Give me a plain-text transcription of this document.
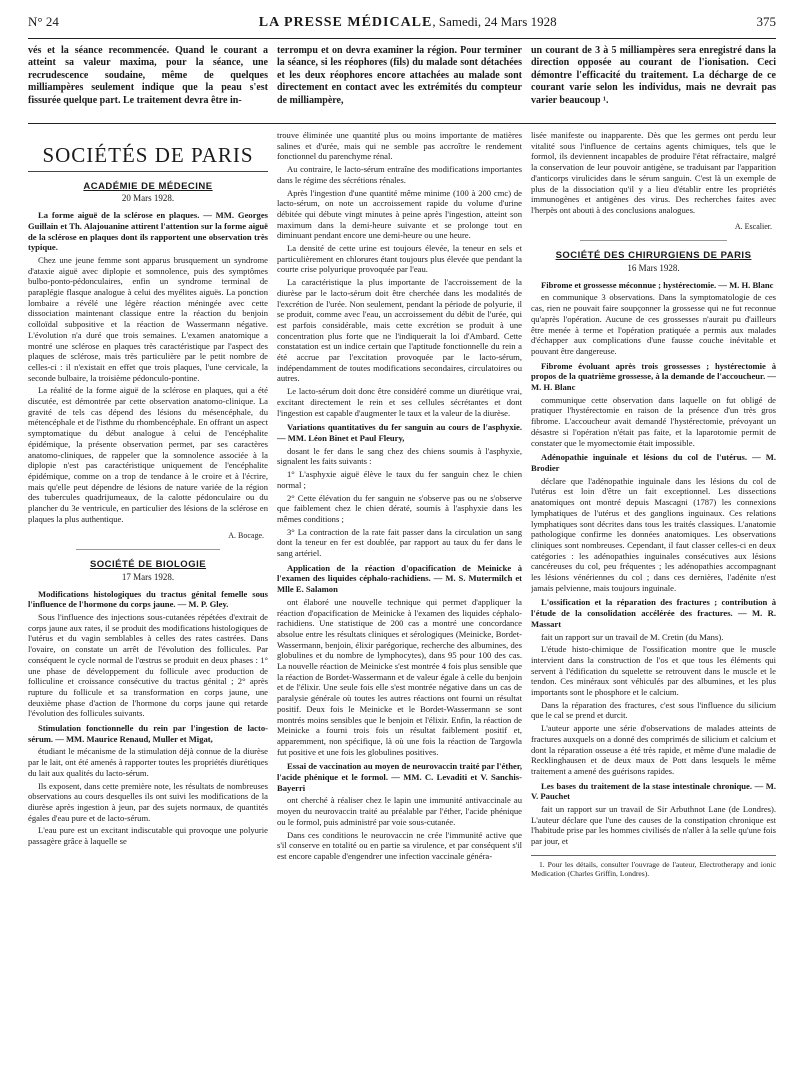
N° 24	LA PRESSE MÉDICALE, Samedi, 24 Mars 1928	375

vés et la séance recommencée. Quand le courant a atteint sa valeur maxima, pour la séance, une recrudescence soudaine, même de quelques milliampères seulement indique que la peau s'est fissurée quelque part. Le traitement devra être in-

terrompu et on devra examiner la région. Pour terminer la séance, si les réophores (fils) du malade sont détachées et les deux réophores encore attachées au malade sont directement en contact avec les extrémités du compteur de milliampère,

un courant de 3 à 5 milliampères sera enregistré dans la direction opposée au courant de l'ionisation. Ceci démontre l'efficacité du traitement. La décharge de ce courant varie selon les individus, mais ne devrait pas varier beaucoup ¹.

SOCIÉTÉS DE PARIS
ACADÉMIE DE MÉDECINE
20 Mars 1928.

La forme aiguë de la sclérose en plaques. — MM. Georges Guillain et Th. Alajouanine attirent l'attention sur la forme aiguë de la sclérose en plaques dont ils rapportent une observation très typique.

Chez une jeune femme sont apparus brusquement un syndrome d'ataxie aiguë avec diplopie et somnolence, puis des symptômes bulbo-ponto-pédonculaires, enfin un syndrome terminal de paraplégie flasque analogue à celui des myélites aiguës. La ponction lombaire a révélé une légère réaction méningée avec cette dissociation maintenant classique entre la réaction du benjoin colloïdal subpositive et la réaction de Wassermann négative. L'évolution n'a duré que trois semaines. L'examen anatomique a montré une sclérose en plaques très caractéristique par l'aspect des plaques de sclérose, mais très particulière par le petit nombre de celles-ci : il n'existait en effet que trois plaques, l'une cervicale, la seconde bulbaire, la troisième pédonculo-pontine.

La réalité de la forme aiguë de la sclérose en plaques, qui a été discutée, est démontrée par cette observation anatomo-clinique. La gravité de tels cas dépend des lésions du mésencéphale, du métencéphale et de l'isthme du rhombencéphale. En offrant un aspect symptomatique du début analogue à celui de l'encéphalite épidémique, la présente observation permet, par ses caractères anatomo-cliniques, de rappeler que la somnolence associée à la diplopie n'est pas caractéristique uniquement de l'encéphalite épidémique, comme on a trop de tendance à le croire et à l'écrire, mais qu'elle peut dépendre de lésions de nature variée de la région des tubercules quadrijumeaux, de la calotte pédonculaire ou du plancher du 3e ventricule, en particulier des lésions de la sclérose en plaques la plus authentique.

A. Bocage.
SOCIÉTÉ DE BIOLOGIE
17 Mars 1928.

Modifications histologiques du tractus génital femelle sous l'influence de l'hormone du corps jaune. — M. P. Gley.

Sous l'influence des injections sous-cutanées répétées d'extrait de corps jaune aux rates, il se produit des modifications histologiques de l'utérus et du vagin semblables à celles des rates castrées. Dans l'ovaire, on constate un arrêt de l'évolution des follicules. Par conséquent le cycle normal de l'œstrus se produit en deux phases : 1° une phase de développement du follicule avec production de folliculine et croissance consécutive du tractus génital ; 2° après rupture du follicule et sa transformation en corps jaune, une deuxième phase d'action de l'hormone du corps jaune qui retarde l'évolution des follicules suivants.

Stimulation fonctionnelle du rein par l'ingestion de lacto-sérum. — MM. Maurice Renaud, Muller et Migat,

étudiant le mécanisme de la stimulation déjà connue de la diurèse par le lait, ont été amenés à rapporter toutes les propriétés diurétiques du lait aux qualités du lacto-sérum.

Ils exposent, dans cette première note, les résultats de nombreuses observations au cours desquelles ils ont suivi les modifications de la diurèse après ingestion à jeun, par des sujets normaux, de quantités égales d'eau pure et de lacto-sérum.

L'eau pure est un excitant indiscutable qui provoque une polyurie passagère grâce à laquelle se

trouve éliminée une quantité plus ou moins importante de matières salines et d'urée, mais qui ne semble pas accroître le rendement fonctionnel du parenchyme rénal.

Au contraire, le lacto-sérum entraîne des modifications importantes dans le régime des sécrétions rénales.

Après l'ingestion d'une quantité même minime (100 à 200 cmc) de lacto-sérum, on note un accroissement rapide du volume d'urine débitée qui débute vingt minutes à peine après l'ingestion, atteint son maximum dans la demi-heure suivante et se prolonge tout en diminuant pendant encore une demi-heure ou une heure.

La densité de cette urine est toujours élevée, la teneur en sels et particulièrement en chlorures étant toujours plus élevée que pendant la courte crise polyurique provoquée par l'eau.

La caractéristique la plus importante de l'accroissement de la diurèse par le lacto-sérum doit être cherchée dans les modalités de l'excrétion de l'urée. Non seulement, pendant la période de polyurie, il se produit, comme avec l'eau, un accroissement du débit de l'urée, qui est parfois considérable, mais cette excrétion se produit à une concentration plus forte que ne l'indiquerait la loi d'Ambard. Cette constatation est un indice certain que l'aptitude fonctionnelle du rein a été accrue par l'excitation provoquée par le lacto-sérum, indépendamment de toutes modifications secondaires, circulatoires ou autres.

Le lacto-sérum doit donc être considéré comme un diurétique vrai, excitant directement le rein et ses cellules sécrétantes et dont l'ingestion est capable d'augmenter le taux et la valeur de la diurèse.

Variations quantitatives du fer sanguin au cours de l'asphyxie. — MM. Léon Binet et Paul Fleury,

dosant le fer dans le sang chez des chiens soumis à l'asphyxie, signalent les faits suivants :

1° L'asphyxie aiguë élève le taux du fer sanguin chez le chien normal ;

2° Cette élévation du fer sanguin ne s'observe pas ou ne s'observe que faiblement chez le chien dératé, soumis à l'asphyxie dans les mêmes conditions ;

3° La contraction de la rate fait passer dans la circulation un sang dont la teneur en fer est doublée, par rapport au taux du fer dans le sang artériel.

Application de la réaction d'opacification de Meinicke à l'examen des liquides céphalo-rachidiens. — M. S. Mutermilch et Mlle E. Salamon

ont élaboré une nouvelle technique qui permet d'appliquer la réaction d'opacification de Meinicke à l'examen des liquides céphalo-rachidiens. Une statistique de 200 cas a montré une concordance absolue entre les résultats cliniques et sérologiques (Meinicke, Bordet-Wassermann, benjoin, élixir parégorique, recherche des albumines, des globulines et du nombre de lymphocytes), dans 95 pour 100 des cas. La nouvelle réaction de Meinicke s'est montrée 4 fois plus sensible que la réaction de Bordet-Wassermann et de valeur égale à celle du benjoin et de l'élixir. Une seule fois elle s'est montrée négative dans un cas de paralysie générale où toutes les autres réactions ont fourni un résultat positif. Deux fois le Meinicke et le Bordet-Wassermann se sont montrés moins sensibles que le benjoin et l'élixir. Enfin, la réaction de Meinicke a fourni trois fois un résultat faiblement positif et, apparemment, non spécifique, là où une fois la réaction de Targowla fut positive et une fois les globulines positives.

Essai de vaccination au moyen de neurovaccin traité par l'éther, l'acide phénique et le formol. — MM. C. Levaditi et V. Sanchis-Bayerri

ont cherché à réaliser chez le lapin une immunité antivaccinale au moyen du neurovaccin traité au préalable par l'éther, l'acide phénique ou le formol, puis administré par voie sous-cutanée.

Dans ces conditions le neurovaccin ne crée l'immunité active que s'il conserve en totalité ou en partie sa virulence, et par conséquent s'il est encore capable d'engendrer une infection vaccinale généra-

lisée manifeste ou inapparente. Dès que les germes ont perdu leur vitalité sous l'influence de certains agents chimiques, tels que le formol, ils deviennent incapables de produire l'état réfractaire, malgré la conservation de leur pouvoir antigène, se traduisant par l'apparition d'anticorps virulicides dans le sérum sanguin. C'est là un exemple de plus de la dissociation qu'il y a lieu d'établir entre les propriétés immunogènes et antigènes des virus. Des recherches faites avec l'herpès ont abouti à des conclusions analogues.

A. Escalier.
SOCIÉTÉ DES CHIRURGIENS DE PARIS
16 Mars 1928.

Fibrome et grossesse méconnue ; hystérectomie. — M. H. Blanc

en communique 3 observations. Dans la symptomatologie de ces cas, rien ne pouvait faire soupçonner la grossesse qui ne fut reconnue qu'après l'opération. Aucune de ces grossesses n'aurait pu d'ailleurs être menée à terme et l'opération pratiquée a permis aux malades d'échapper aux complications d'une fausse couche inévitable et pouvant être dangereuse.

Fibrome évoluant après trois grossesses ; hystérectomie à propos de la quatrième grossesse, à la demande de l'accoucheur. — M. H. Blanc

communique cette observation dans laquelle on fut obligé de pratiquer l'hystérectomie en raison de la présence d'un très gros fibrome. L'accoucheur avait demandé l'hystérectomie, prévoyant un désastre si l'opération n'était pas faite, et la laparotomie permit de constater que le myomectomie était impossible.

Adénopathie inguinale et lésions du col de l'utérus. — M. Brodier

déclare que l'adénopathie inguinale dans les lésions du col de l'utérus est loin d'être un fait exceptionnel. Les dissections anatomiques ont montré depuis Mascagni (1787) les connexions lymphatiques de l'utérus et des ganglions inguinaux. Ces relations lymphatiques sont décrites dans tous les traités classiques. L'anatomie pathologique confirme les données anatomiques. Les observations cliniques sont nombreuses. Cependant, il faut classer celles-ci en deux catégories : les adénopathies inguinales consécutives aux lésions cancéreuses du col, peu fréquentes ; les adénopathies accompagnant les lésions vénériennes du col ; dans ces dernières, l'adénite n'est jamais pelvienne, mais toujours inguinale.

L'ossification et la réparation des fractures ; contribution à l'étude de la consolidation accélérée des fractures. — M. R. Massart

fait un rapport sur un travail de M. Cretin (du Mans).

L'étude histo-chimique de l'ossification montre que le muscle intervient dans la construction de l'os et que tous les éléments qui servent à l'édification du squelette se retrouvent dans le muscle et le tendon. Ces minéraux sont véhiculés par des albumines, et les plus importants sont le phosphore et le calcium.

Dans la réparation des fractures, c'est sous l'influence du silicium que le cal se prend et durcit.

L'auteur apporte une série d'observations de malades atteints de fractures auxquels on a donné des comprimés de silicium et calcium et dont la réparation osseuse a été très rapide, et même d'une maladie de Recklinghausen et de deux maux de Pott dans lesquels le même traitement a amené des guérisons rapides.

Les bases du traitement de la stase intestinale chronique. — M. V. Pauchet

fait un rapport sur un travail de Sir Arbuthnot Lane (de Londres). L'auteur déclare que l'une des causes de la constipation chronique est l'habitude prise par les hommes civilisés de n'aller à la selle qu'une fois par jour, et

1. Pour les détails, consulter l'ouvrage de l'auteur, Electrotherapy and ionic Medication (Charles Griffin, Londres).
